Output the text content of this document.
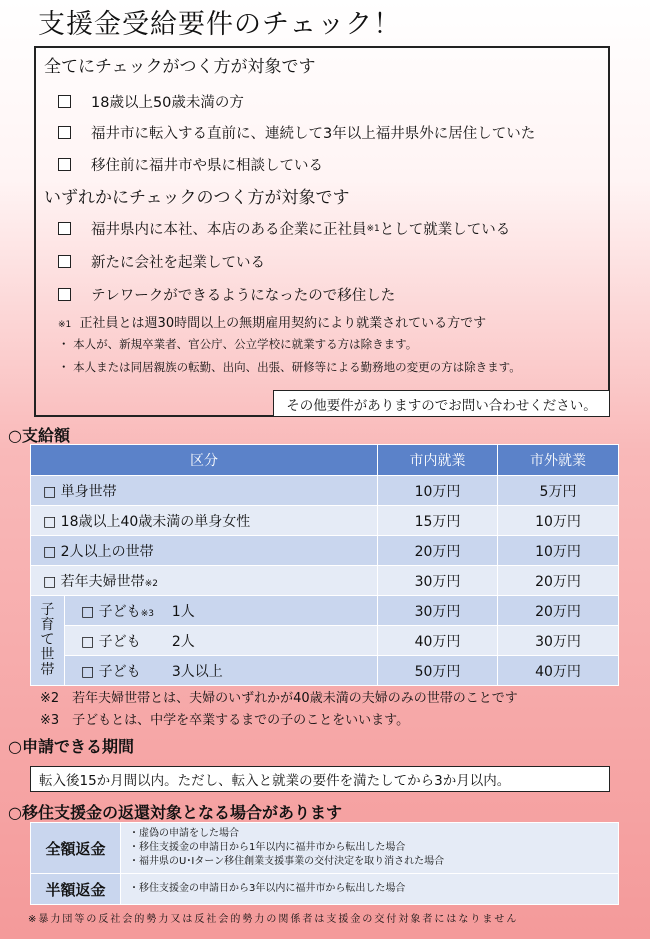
支援金受給要件のチェック！
全てにチェックがつく方が対象です
18歳以上50歳未満の方
福井市に転入する直前に、連続して3年以上福井県外に居住していた
移住前に福井市や県に相談している
いずれかにチェックのつく方が対象です
福井県内に本社、本店のある企業に正社員 ※1 として就業している
新たに会社を起業している
テレワークができるようになったので移住した
※1 正社員とは週30時間以上の無期雇用契約により就業されている方です
・ 本人が、新規卒業者、官公庁、公立学校に就業する方は除きます。
・ 本人または同居親族の転勤、出向、出張、研修等による勤務地の変更の方は除きます。
その他要件がありますのでお問い合わせください。
○支給額
区分		市内就業	市外就業
□ 単身世帯		10万円	5万円
□ 18歳以上40歳未満の単身女性		15万円	10万円
□ 2人以上の世帯		20万円	10万円
□ 若年夫婦世帯※2		30万円	20万円
子育て世帯	□ 子ども※3 1人	30万円	20万円
	□ 子ども 2人	40万円	30万円
	□ 子ども 3人以上	50万円	40万円
※2　若年夫婦世帯とは、夫婦のいずれかが40歳未満の夫婦のみの世帯のことです
※3　子どもとは、中学を卒業するまでの子のことをいいます。
○申請できる期間
転入後15か月間以内。ただし、転入と就業の要件を満たしてから3か月以内。
○移住支援金の返還対象となる場合があります
全額返金	・虚偽の申請をした場合
・移住支援金の申請日から1年以内に福井市から転出した場合
・福井県のU･Iターン移住創業支援事業の交付決定を取り消された場合

半額返金	・移住支援金の申請日から3年以内に福井市から転出した場合
※暴力団等の反社会的勢力又は反社会的勢力の関係者は支援金の交付対象者にはなりません
